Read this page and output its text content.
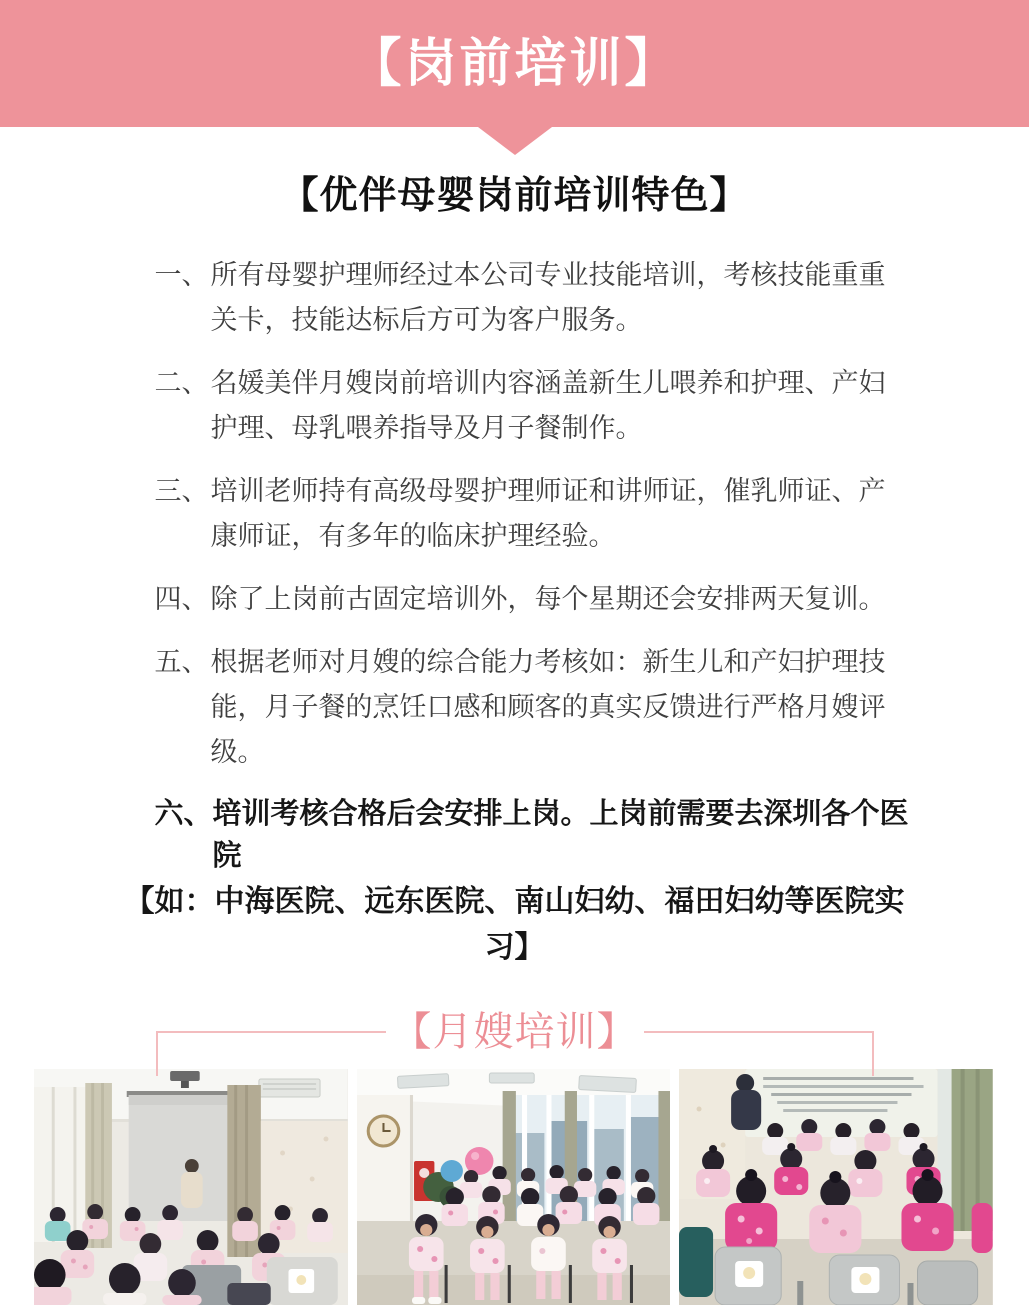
【岗前培训】
【优伴母婴岗前培训特色】
一、 所有母婴护理师经过本公司专业技能培训，考核技能重重
关卡，技能达标后方可为客户服务。
二、 名媛美伴月嫂岗前培训内容涵盖新生儿喂养和护理、产妇
护理、母乳喂养指导及月子餐制作。
三、 培训老师持有高级母婴护理师证和讲师证，催乳师证、产
康师证，有多年的临床护理经验。
四、 除了上岗前古固定培训外，每个星期还会安排两天复训。
五、 根据老师对月嫂的综合能力考核如：新生儿和产妇护理技
能，月子餐的烹饪口感和顾客的真实反馈进行严格月嫂评级。
六、 培训考核合格后会安排上岗。上岗前需要去深圳各个医院
【如：中海医院、远东医院、南山妇幼、福田妇幼等医院实习】
【月嫂培训】
